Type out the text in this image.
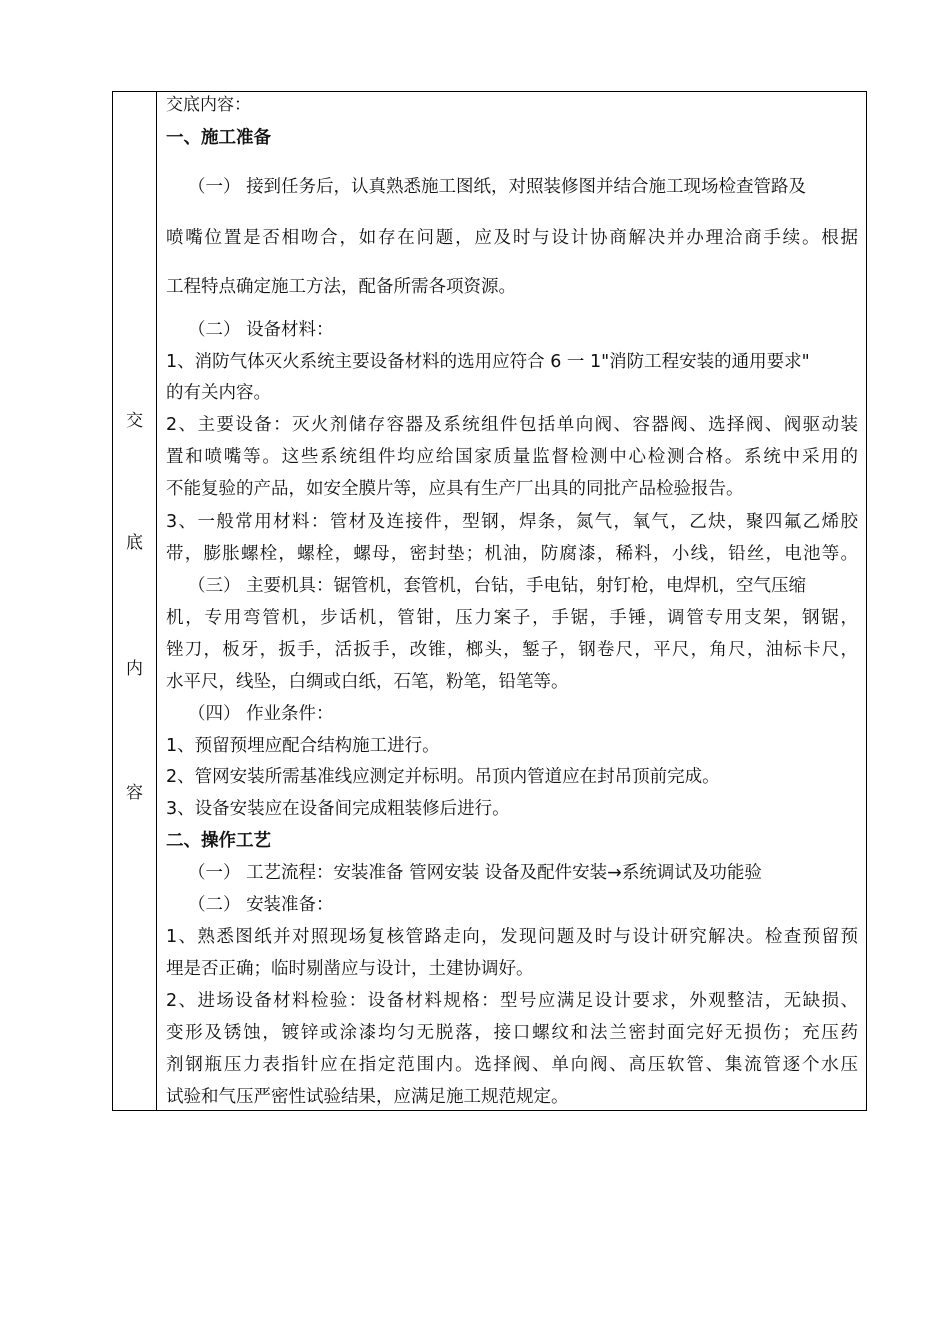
交
底
内
容
交底内容：
一、施工准备
（一） 接到任务后，认真熟悉施工图纸，对照装修图并结合施工现场检查管路及
喷嘴位置是否相吻合，如存在问题，应及时与设计协商解决并办理洽商手续。根据
工程特点确定施工方法，配备所需各项资源。
（二） 设备材料：
1、消防气体灭火系统主要设备材料的选用应符合 6 一 1"消防工程安装的通用要求"
的有关内容。
2、主要设备：灭火剂储存容器及系统组件包括单向阀、容器阀、选择阀、阀驱动装
置和喷嘴等。这些系统组件均应给国家质量监督检测中心检测合格。系统中采用的
不能复验的产品，如安全膜片等，应具有生产厂出具的同批产品检验报告。
3、一般常用材料：管材及连接件，型钢，焊条，氮气，氧气，乙炔，聚四氟乙烯胶
带，膨胀螺栓，螺栓，螺母，密封垫；机油，防腐漆，稀料，小线，铅丝，电池等。
（三） 主要机具：锯管机，套管机，台钻，手电钻，射钉枪，电焊机，空气压缩
机，专用弯管机，步话机，管钳，压力案子，手锯，手锤，调管专用支架，钢锯，
锉刀，板牙，扳手，活扳手，改锥，榔头，錾子，钢卷尺，平尺，角尺，油标卡尺，
水平尺，线坠，白绸或白纸，石笔，粉笔，铅笔等。
（四） 作业条件：
1、预留预埋应配合结构施工进行。
2、管网安装所需基准线应测定并标明。吊顶内管道应在封吊顶前完成。
3、设备安装应在设备间完成粗装修后进行。
二、操作工艺
（一） 工艺流程：安装准备 管网安装 设备及配件安装→系统调试及功能验
（二） 安装准备：
1、熟悉图纸并对照现场复核管路走向，发现问题及时与设计研究解决。检查预留预
埋是否正确；临时剔凿应与设计，土建协调好。
2、进场设备材料检验：设备材料规格：型号应满足设计要求，外观整洁，无缺损、
变形及锈蚀，镀锌或涂漆均匀无脱落，接口螺纹和法兰密封面完好无损伤；充压药
剂钢瓶压力表指针应在指定范围内。选择阀、单向阀、高压软管、集流管逐个水压
试验和气压严密性试验结果，应满足施工规范规定。
